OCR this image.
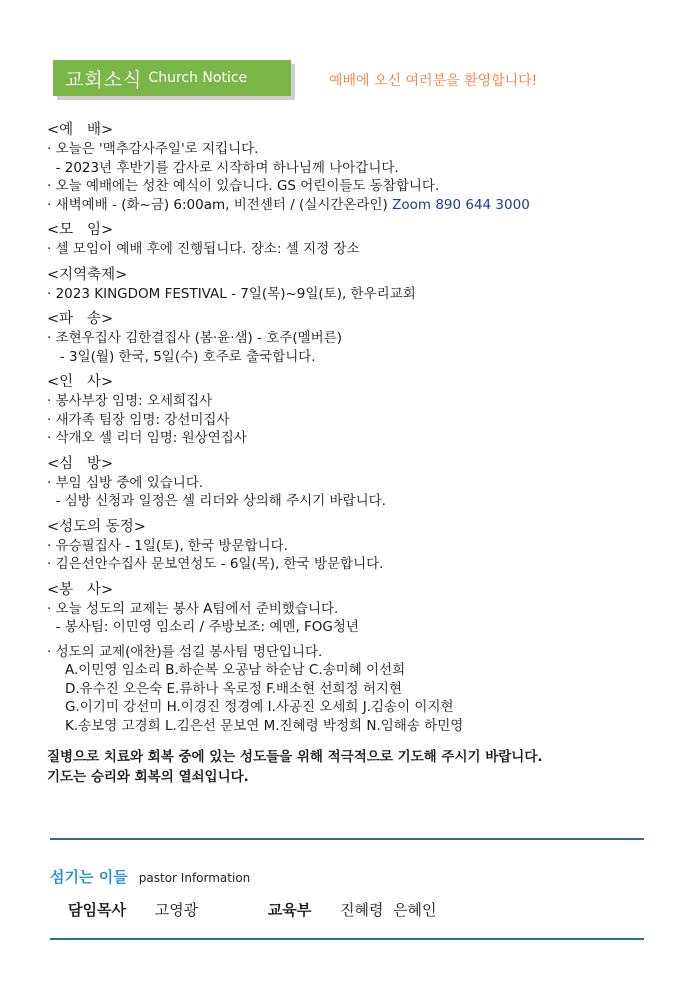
교회소식 Church Notice	예배에 오신 여러분을 환영합니다!
<예   배>
· 오늘은 '맥추감사주일'로 지킵니다.
- 2023년 후반기를 감사로 시작하며 하나님께 나아갑니다.
· 오늘 예배에는 성찬 예식이 있습니다. GS 어린이들도 동참합니다.
· 새벽예배 - (화~금) 6:00am, 비전센터 / (실시간온라인) Zoom 890 644 3000
<모   임>
· 셀 모임이 예배 후에 진행됩니다. 장소: 셀 지정 장소
<지역축제>
· 2023 KINGDOM FESTIVAL - 7일(목)~9일(토), 한우리교회
<파   송>
· 조현우집사 김한결집사 (봄·윤·샘) - 호주(멜버른)
- 3일(월) 한국, 5일(수) 호주로 출국합니다.
<인   사>
· 봉사부장 임명: 오세희집사
· 새가족 팀장 임명: 강선미집사
· 삭개오 셀 리더 임명: 원상연집사
<심   방>
· 부임 심방 중에 있습니다.
- 심방 신청과 일정은 셀 리더와 상의해 주시기 바랍니다.
<성도의 동정>
· 유승필집사 - 1일(토), 한국 방문합니다.
· 김은선안수집사 문보연성도 - 6일(목), 한국 방문합니다.
<봉   사>
· 오늘 성도의 교제는 봉사 A팀에서 준비했습니다.
- 봉사팀: 이민영 임소리 / 주방보조: 예멘, FOG청년
· 성도의 교제(애찬)를 섬길 봉사팀 명단입니다.
A.이민영 임소리 B.하순복 오공남 하순남 C.송미혜 이선희
D.유수진 오은숙 E.류하나 옥로정 F.배소현 선희정 허지현
G.이기미 강선미 H.이경진 정경예 I.사공진 오세희 J.김송이 이지현
K.송보영 고경희 L.김은선 문보연 M.진혜령 박정희 N.임해송 하민영
질병으로 치료와 회복 중에 있는 성도들을 위해 적극적으로 기도해 주시기 바랍니다.
기도는 승리와 회복의 열쇠입니다.
섬기는 이들 pastor Information
담임목사 고영광	교육부 진혜령  은혜인
